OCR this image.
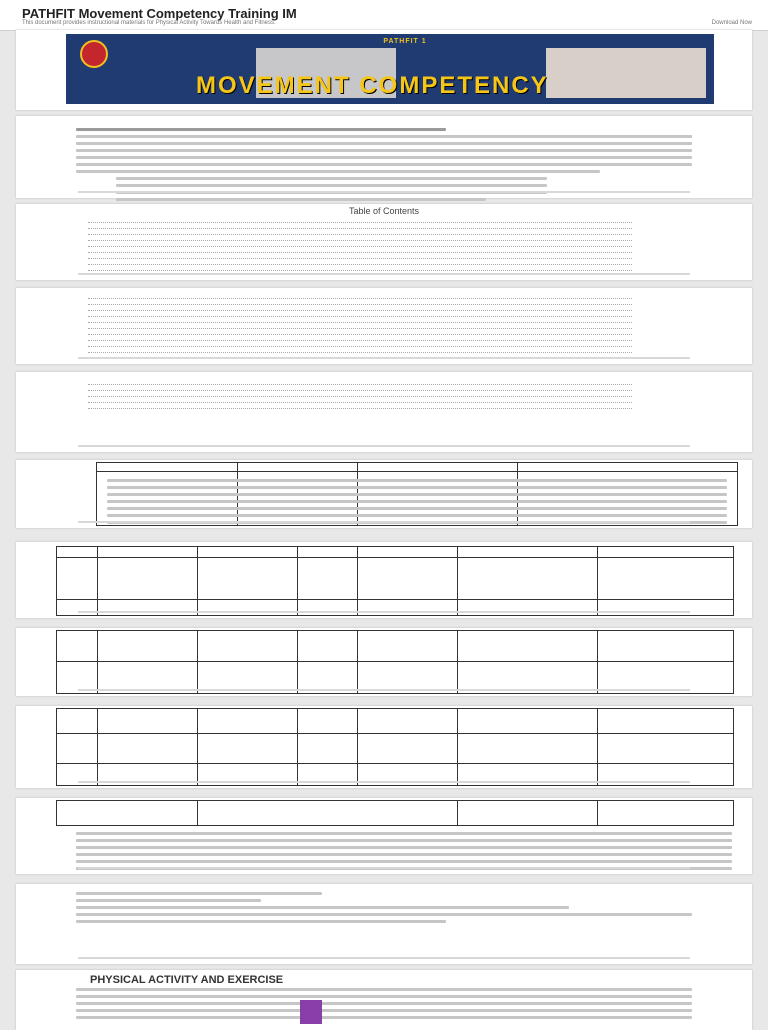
PATHFIT Movement Competency Training IM
This document provides instructional materials for Physical Activity Towards Health and Fitness.	Download Now
PATHFIT 1
MOVEMENT COMPETENCY
Table of Contents
PHYSICAL ACTIVITY AND EXERCISE
